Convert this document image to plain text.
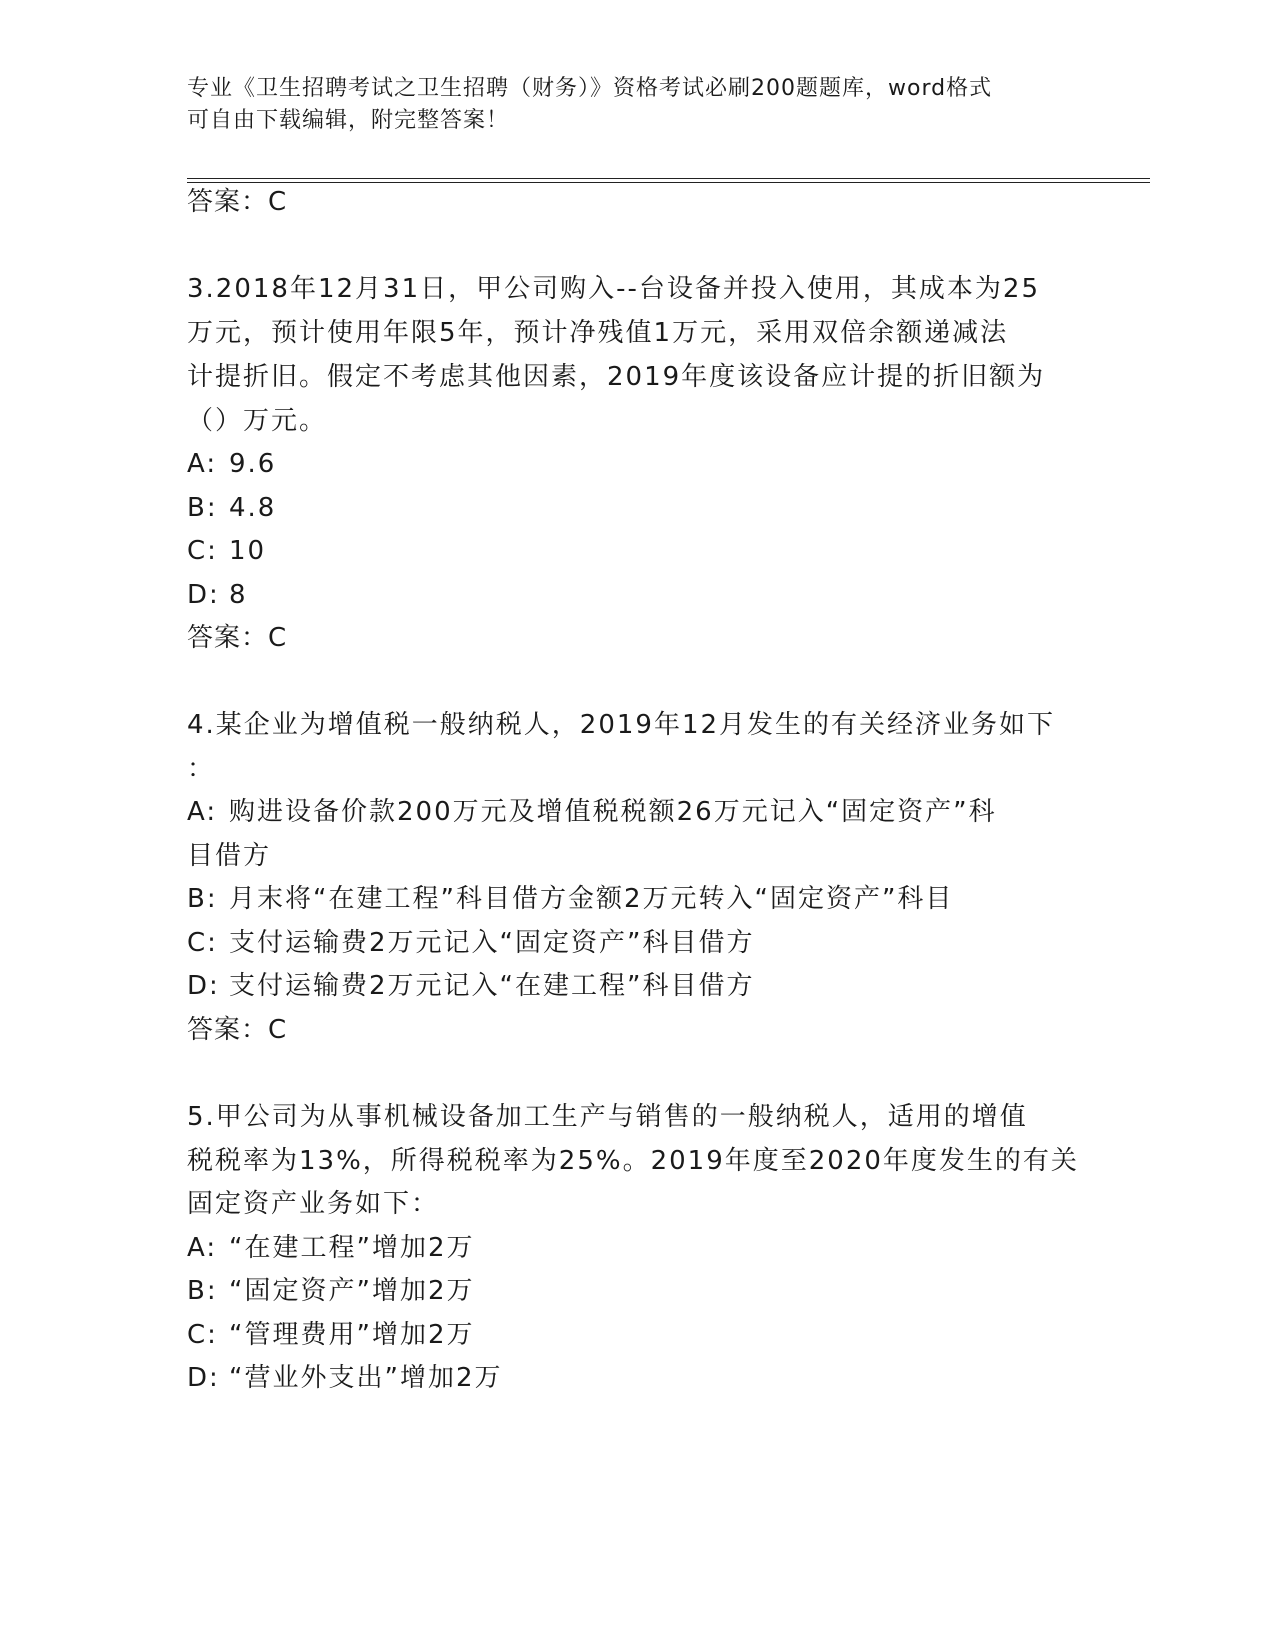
专业《卫生招聘考试之卫生招聘（财务）》资格考试必刷200题题库，word格式
可自由下载编辑，附完整答案！
答案：C
3.2018年12月31日，甲公司购入--台设备并投入使用，其成本为25
万元，预计使用年限5年，预计净残值1万元，采用双倍余额递减法
计提折旧。假定不考虑其他因素，2019年度该设备应计提的折旧额为
（）万元。
A: 9.6
B: 4.8
C: 10
D: 8
答案：C
4.某企业为增值税一般纳税人，2019年12月发生的有关经济业务如下
：
A: 购进设备价款200万元及增值税税额26万元记入“固定资产”科
目借方
B: 月末将“在建工程”科目借方金额2万元转入“固定资产”科目
C: 支付运输费2万元记入“固定资产”科目借方
D: 支付运输费2万元记入“在建工程”科目借方
答案：C
5.甲公司为从事机械设备加工生产与销售的一般纳税人，适用的增值
税税率为13%，所得税税率为25%。2019年度至2020年度发生的有关
固定资产业务如下：
A: “在建工程”增加2万
B: “固定资产”增加2万
C: “管理费用”增加2万
D: “营业外支出”增加2万
